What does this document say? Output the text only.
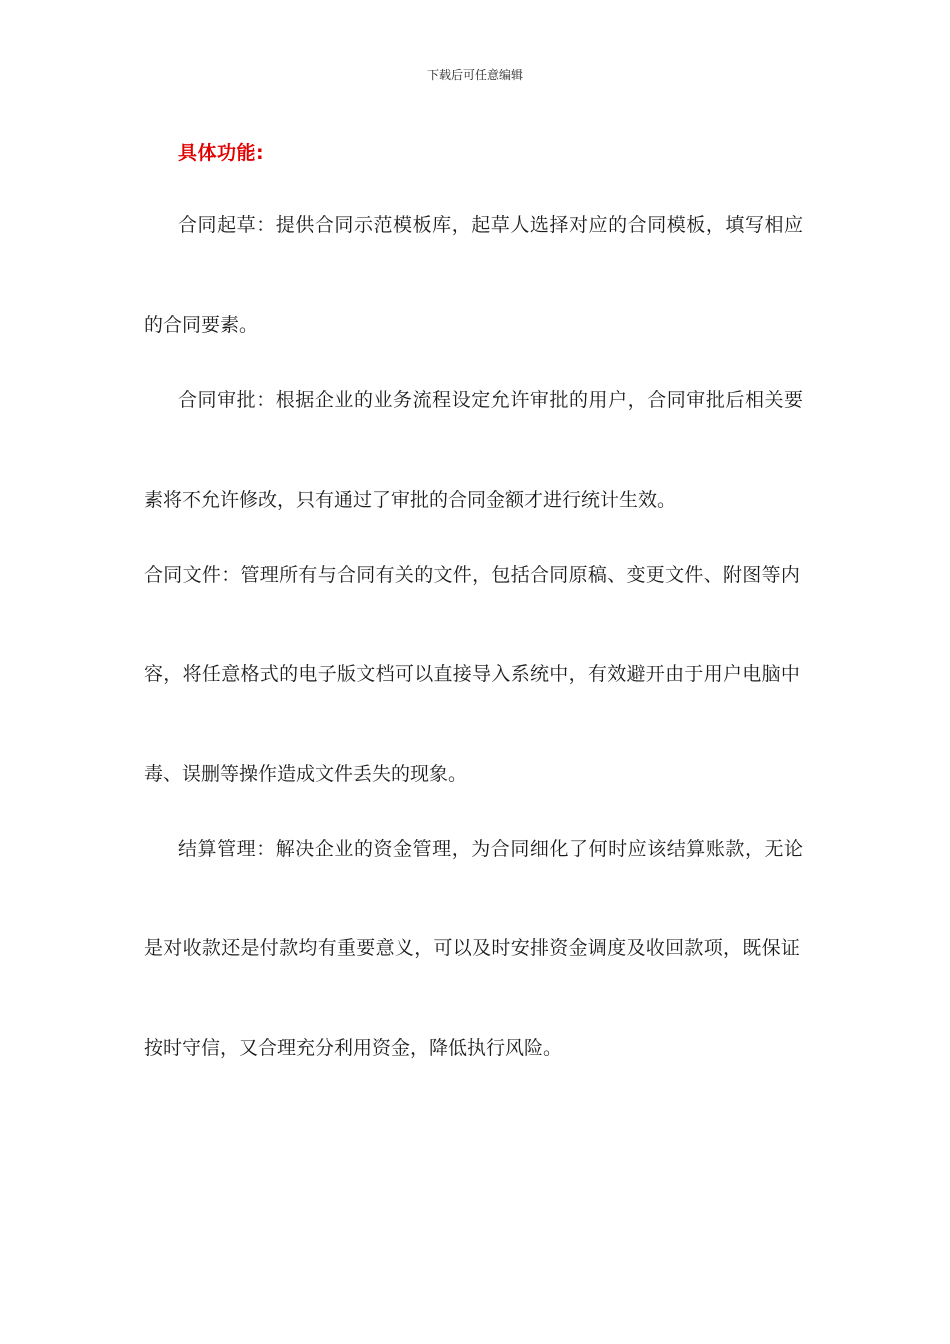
下载后可任意编辑
具体功能:
合同起草：提供合同示范模板库，起草人选择对应的合同模板，填写相应
的合同要素。
合同审批：根据企业的业务流程设定允许审批的用户，合同审批后相关要
素将不允许修改，只有通过了审批的合同金额才进行统计生效。
合同文件：管理所有与合同有关的文件，包括合同原稿、变更文件、附图等内
容，将任意格式的电子版文档可以直接导入系统中，有效避开由于用户电脑中
毒、误删等操作造成文件丢失的现象。
结算管理：解决企业的资金管理，为合同细化了何时应该结算账款，无论
是对收款还是付款均有重要意义，可以及时安排资金调度及收回款项，既保证
按时守信，又合理充分利用资金，降低执行风险。
